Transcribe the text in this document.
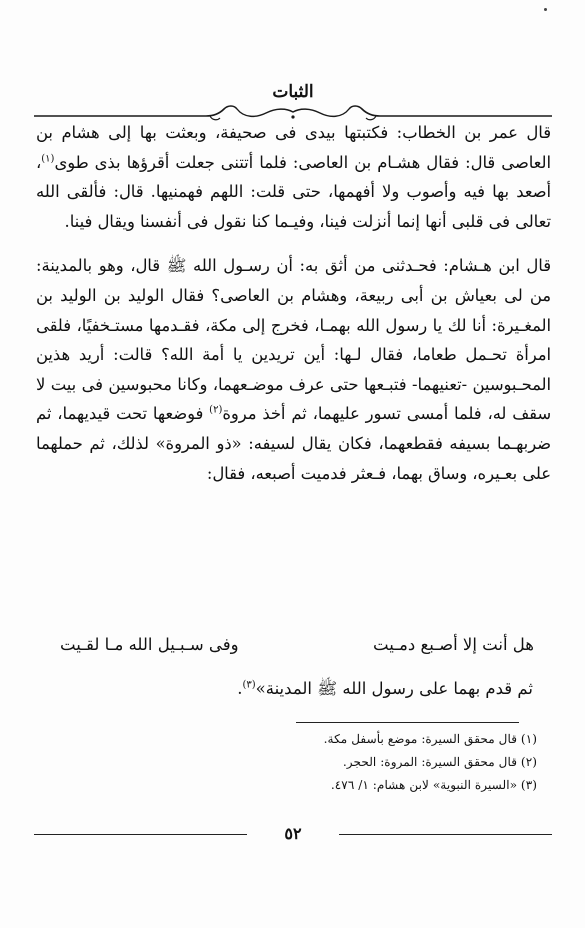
الثبات

قال عمر بن الخطاب: فكتبتها بيدى فى صحيفة، وبعثت بها إلى هشام بن العاصى قال: فقال هشـام بن العاصى: فلما أتتنى جعلت أقرؤها بذى طوى$^{(١)}$، أصعد بها فيه وأصوب ولا أفهمها، حتى قلت: اللهم فهمنيها. قال: فألقى الله تعالى فى قلبى أنها إنما أنزلت فينا، وفيـما كنا نقول فى أنفسنا ويقال فينا.

قال ابن هـشام: فحـدثنى من أثق به: أن رسـول الله ﷺ قال، وهو بالمدينة: من لى بعياش بن أبى ربيعة، وهشام بن العاصى؟ فقال الوليد بن الوليد بن المغـيرة: أنا لك يا رسول الله بهمـا، فخرج إلى مكة، فقـدمها مستـخفيًا، فلقى امرأة تحـمل طعاما، فقال لـها: أين تريدين يا أمة الله؟ قالت: أريد هذين المحـبوسين -تعنيهما- فتبـعها حتى عرف موضـعهما، وكانا محبوسين فى بيت لا سقف له، فلما أمسى تسور عليهما، ثم أخذ مروة$^{(٢)}$ فوضعها تحت قيديهما، ثم ضربهـما بسيفه فقطعهما، فكان يقال لسيفه: «ذو المروة» لذلك، ثم حملهما على بعـيره، وساق بهما، فـعثر فدميت أصبعه، فقال:

هل أنت إلا أصـبع دمـيت
وفى سـبـيل الله مـا لقـيت
ثم قدم بهما على رسول الله ﷺ المدينة»$^{(٣)}$.
(١) قال محقق السيرة: موضع بأسفل مكة.
(٢) قال محقق السيرة: المروة: الحجر.
(٣) «السيرة النبوية» لابن هشام: ١/ ٤٧٦.
٥٢
